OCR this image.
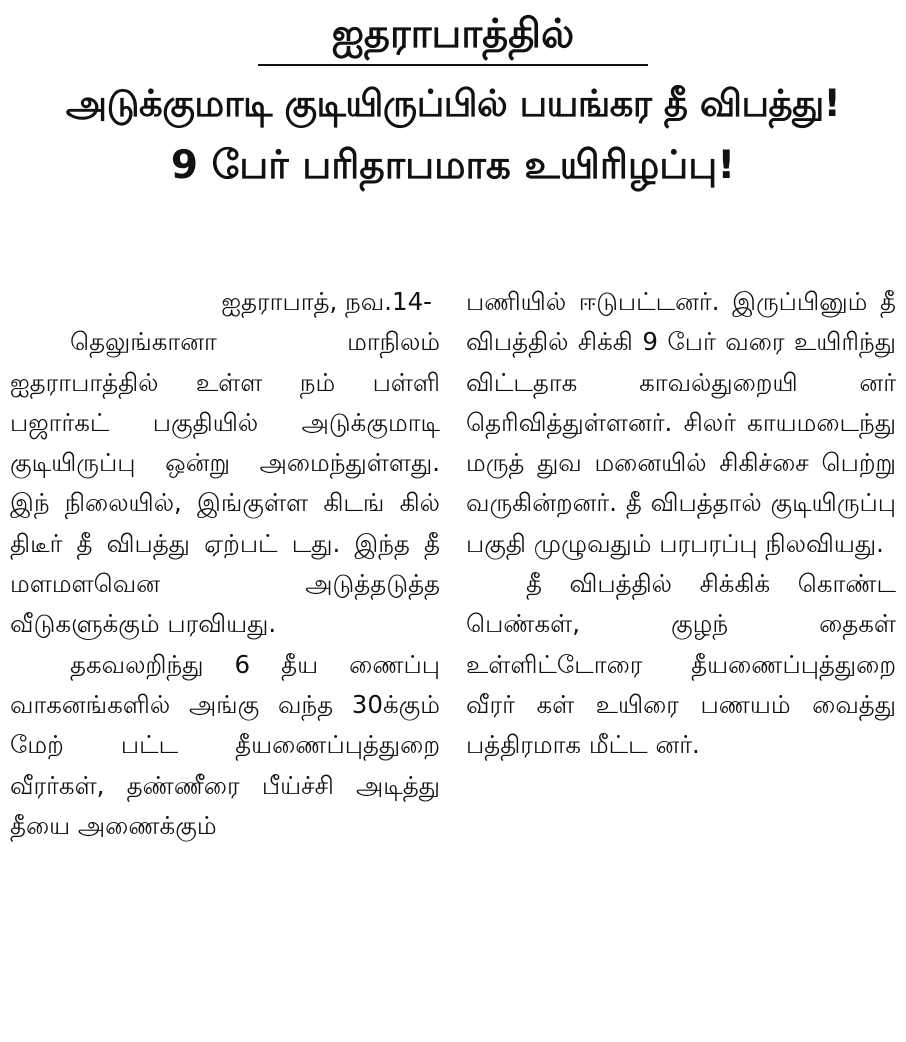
ஐதராபாத்தில்
அடுக்குமாடி குடியிருப்பில் பயங்கர தீ விபத்து!
9 பேர் பரிதாபமாக உயிரிழப்பு!

ஐதராபாத், நவ.14-

தெலுங்கானா மாநிலம் ஐதராபாத்தில் உள்ள நம் பள்ளி பஜார்கட் பகுதியில் அடுக்குமாடி குடியிருப்பு ஒன்று அமைந்துள்ளது. இந் நிலையில், இங்குள்ள கிடங் கில் திடீர் தீ விபத்து ஏற்பட் டது. இந்த தீ மளமளவென அடுத்தடுத்த வீடுகளுக்கும் பரவியது.

தகவலறிந்து 6 தீய ணைப்பு வாகனங்களில் அங்கு வந்த 30க்கும் மேற் பட்ட தீயணைப்புத்துறை வீரர்கள், தண்ணீரை பீய்ச்சி அடித்து தீயை அணைக்கும்

பணியில் ஈடுபட்டனர். இருப்பினும் தீ விபத்தில் சிக்கி 9 பேர் வரை உயிரிந்து விட்டதாக காவல்துறையி னர் தெரிவித்துள்ளனர். சிலர் காயமடைந்து மருத் துவ மனையில் சிகிச்சை பெற்று வருகின்றனர். தீ விபத்தால் குடியிருப்பு பகுதி முழுவதும் பரபரப்பு நிலவியது.

தீ விபத்தில் சிக்கிக் கொண்ட பெண்கள், குழந் தைகள் உள்ளிட்டோரை தீயணைப்புத்துறை வீரர் கள் உயிரை பணயம் வைத்து பத்திரமாக மீட்ட னர்.
